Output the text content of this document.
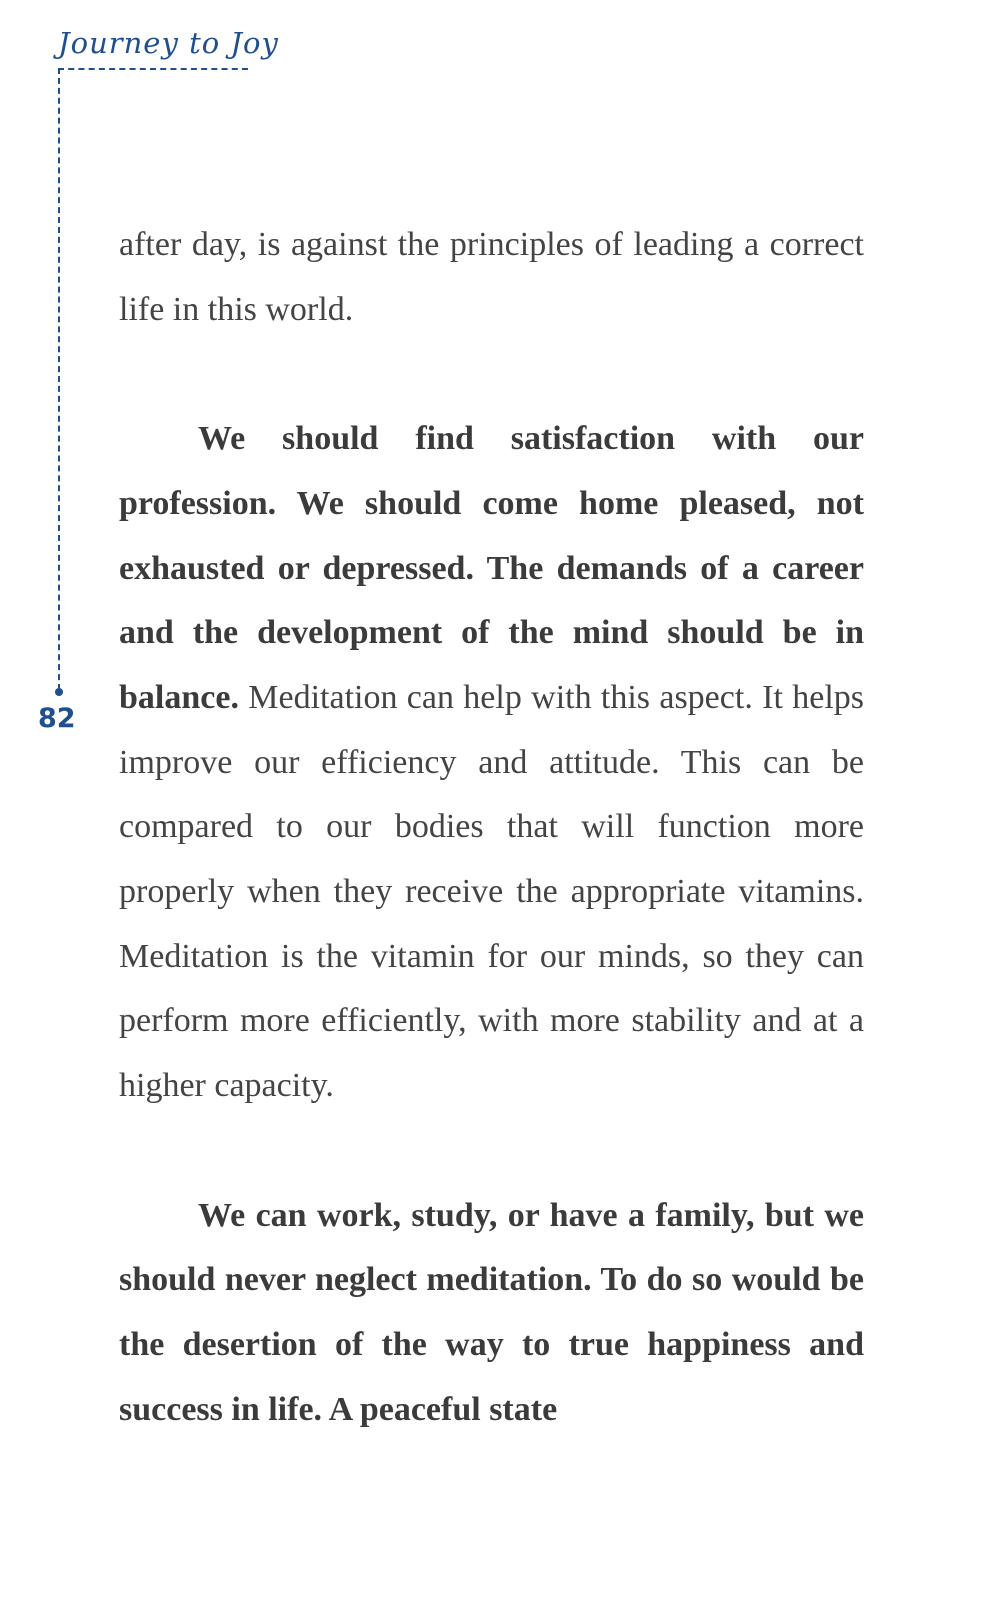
Journey to Joy
82

after day, is against the principles of leading a correct life in this world.

We should find satisfaction with our profession. We should come home pleased, not exhausted or depressed. The demands of a career and the development of the mind should be in balance. Meditation can help with this aspect. It helps improve our efficiency and attitude. This can be compared to our bodies that will function more properly when they receive the appropriate vitamins. Meditation is the vitamin for our minds, so they can perform more efficiently, with more stability and at a higher capacity.

We can work, study, or have a family, but we should never neglect meditation. To do so would be the desertion of the way to true happiness and success in life. A peaceful state
